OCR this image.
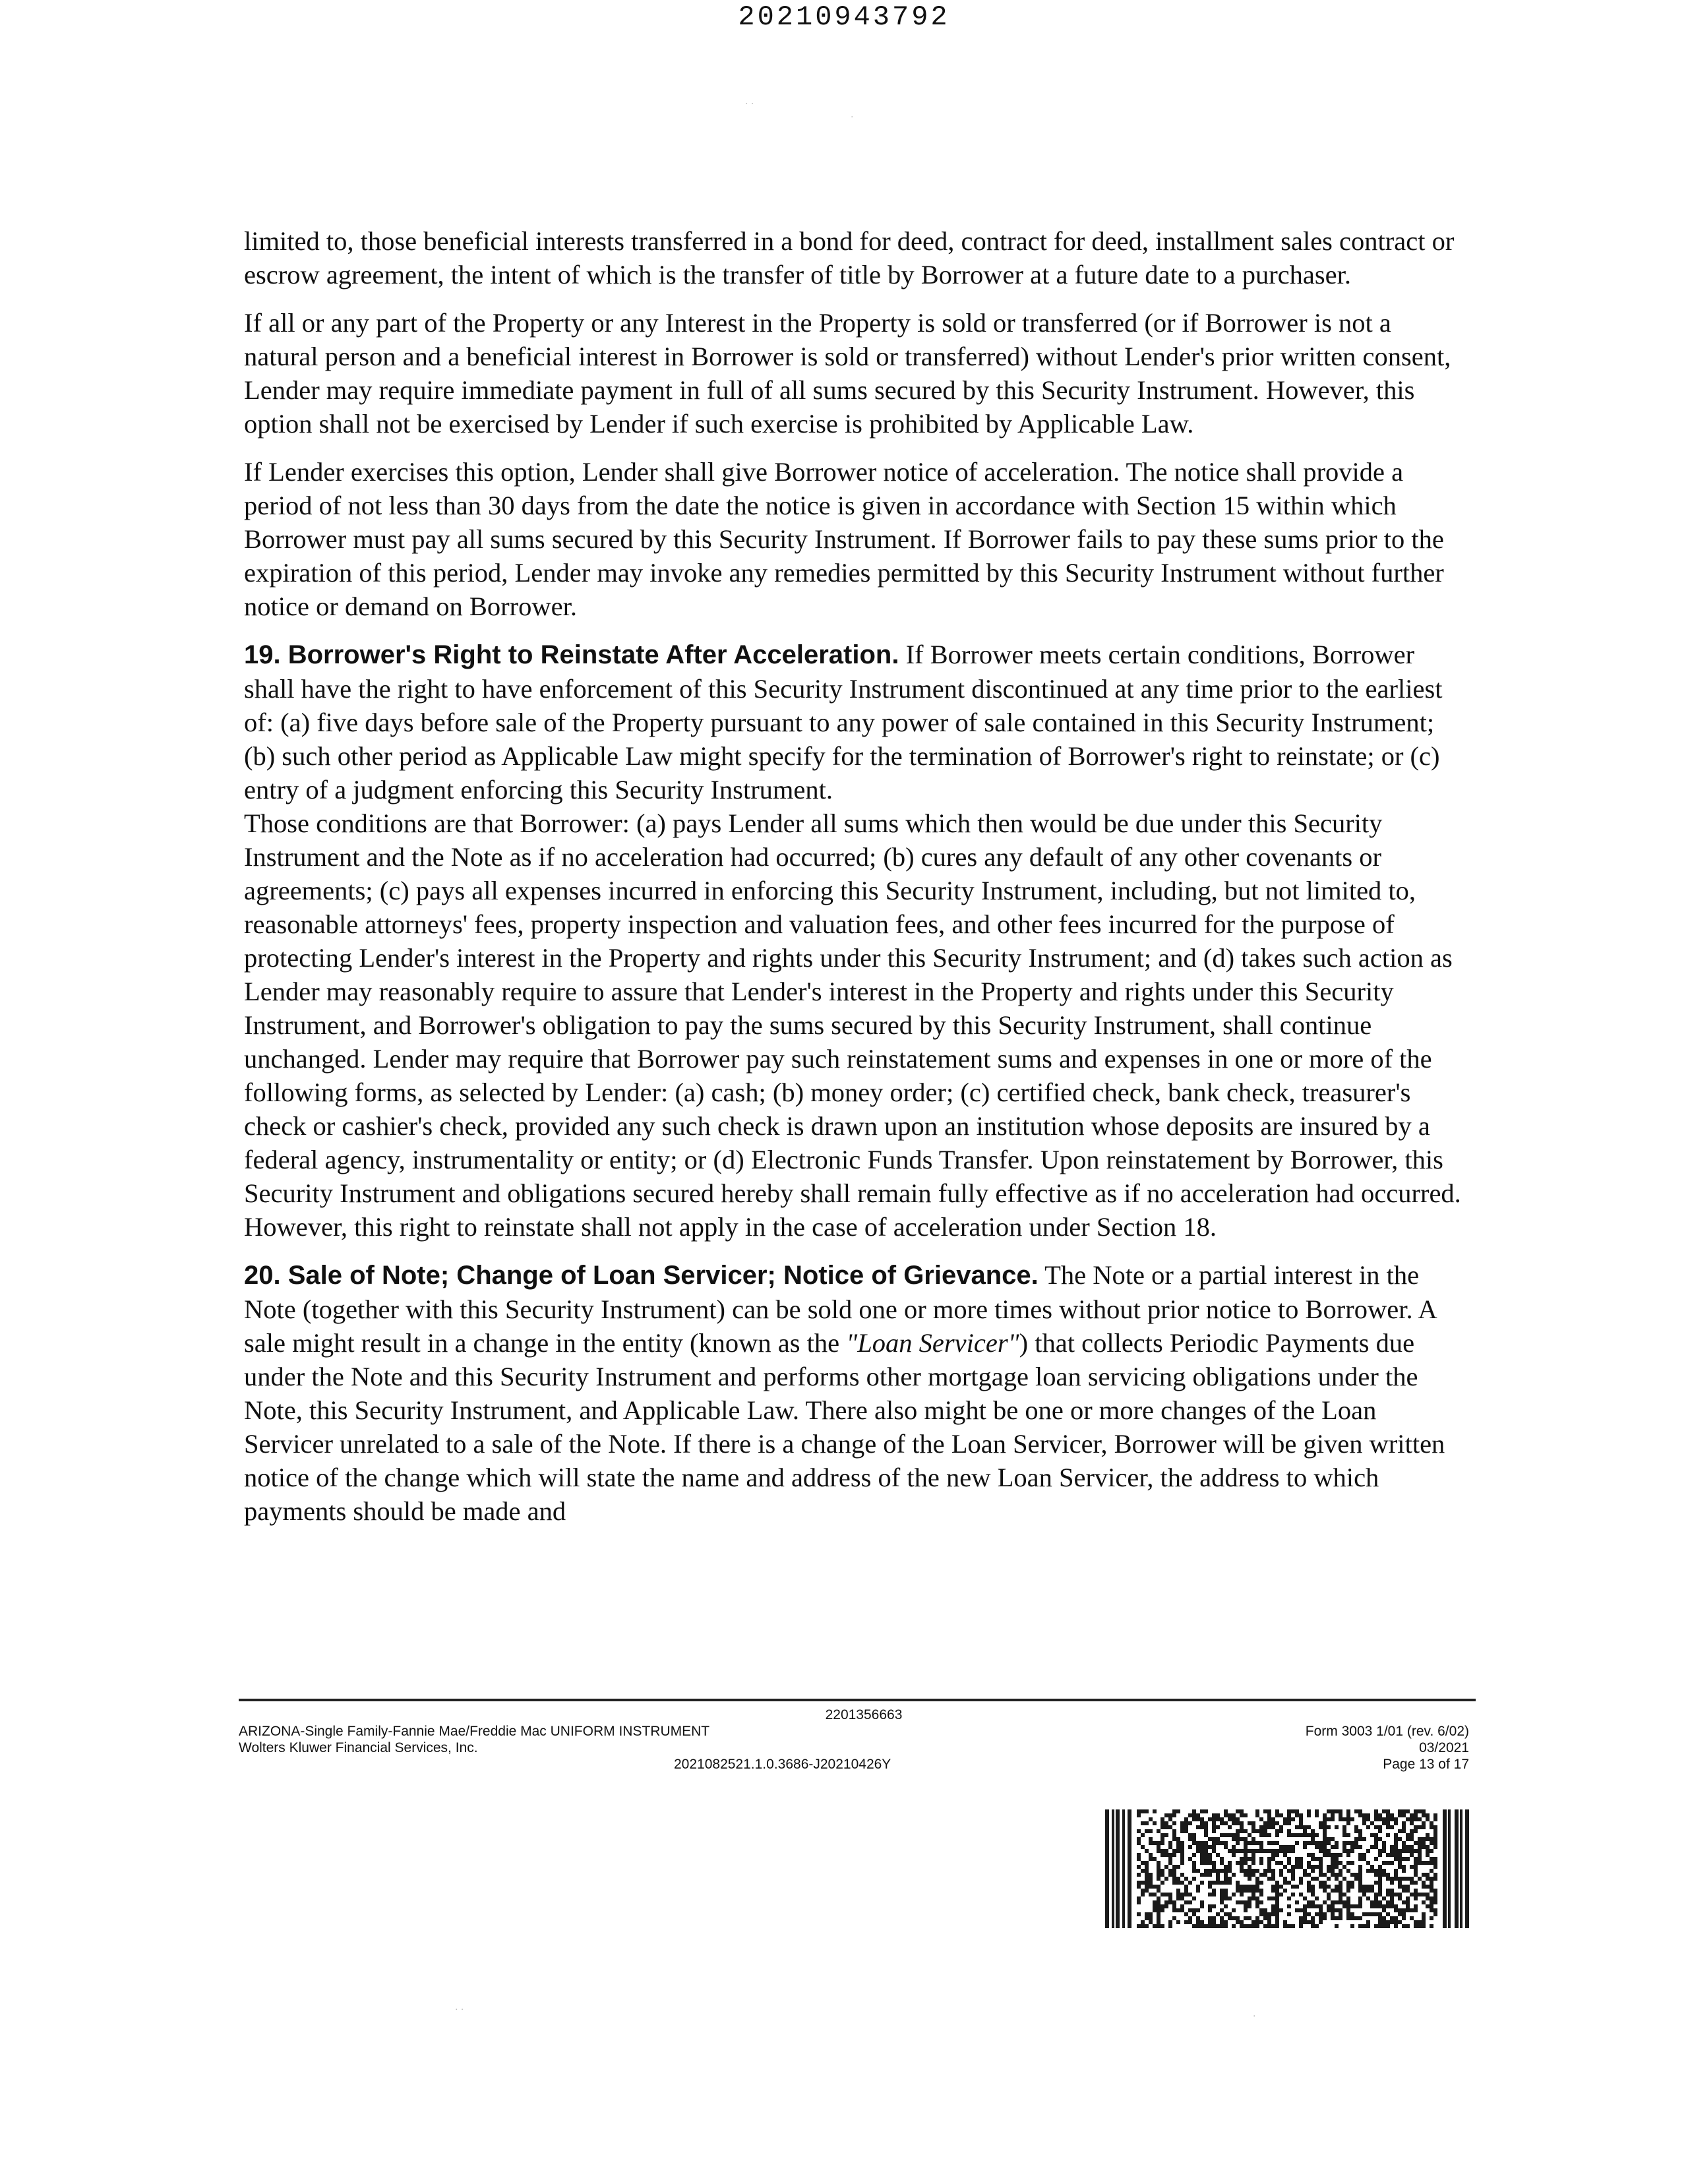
20210943792
· ·
·

limited to, those beneficial interests transferred in a bond for deed, contract for deed, installment sales contract or escrow agreement, the intent of which is the transfer of title by Borrower at a future date to a purchaser.

If all or any part of the Property or any Interest in the Property is sold or transferred (or if Borrower is not a natural person and a beneficial interest in Borrower is sold or transferred) without Lender's prior written consent, Lender may require immediate payment in full of all sums secured by this Security Instrument. However, this option shall not be exercised by Lender if such exercise is prohibited by Applicable Law.

If Lender exercises this option, Lender shall give Borrower notice of acceleration. The notice shall provide a period of not less than 30 days from the date the notice is given in accordance with Section 15 within which Borrower must pay all sums secured by this Security Instrument. If Borrower fails to pay these sums prior to the expiration of this period, Lender may invoke any remedies permitted by this Security Instrument without further notice or demand on Borrower.

19. Borrower's Right to Reinstate After Acceleration. If Borrower meets certain conditions, Borrower shall have the right to have enforcement of this Security Instrument discontinued at any time prior to the earliest of: (a) five days before sale of the Property pursuant to any power of sale contained in this Security Instrument; (b) such other period as Applicable Law might specify for the termination of Borrower's right to reinstate; or (c) entry of a judgment enforcing this Security Instrument.

Those conditions are that Borrower: (a) pays Lender all sums which then would be due under this Security Instrument and the Note as if no acceleration had occurred; (b) cures any default of any other covenants or agreements; (c) pays all expenses incurred in enforcing this Security Instrument, including, but not limited to, reasonable attorneys' fees, property inspection and valuation fees, and other fees incurred for the purpose of protecting Lender's interest in the Property and rights under this Security Instrument; and (d) takes such action as Lender may reasonably require to assure that Lender's interest in the Property and rights under this Security Instrument, and Borrower's obligation to pay the sums secured by this Security Instrument, shall continue unchanged. Lender may require that Borrower pay such reinstatement sums and expenses in one or more of the following forms, as selected by Lender: (a) cash; (b) money order; (c) certified check, bank check, treasurer's check or cashier's check, provided any such check is drawn upon an institution whose deposits are insured by a federal agency, instrumentality or entity; or (d) Electronic Funds Transfer. Upon reinstatement by Borrower, this Security Instrument and obligations secured hereby shall remain fully effective as if no acceleration had occurred. However, this right to reinstate shall not apply in the case of acceleration under Section 18.

20. Sale of Note; Change of Loan Servicer; Notice of Grievance. The Note or a partial interest in the Note (together with this Security Instrument) can be sold one or more times without prior notice to Borrower. A sale might result in a change in the entity (known as the "Loan Servicer") that collects Periodic Payments due under the Note and this Security Instrument and performs other mortgage loan servicing obligations under the Note, this Security Instrument, and Applicable Law. There also might be one or more changes of the Loan Servicer unrelated to a sale of the Note. If there is a change of the Loan Servicer, Borrower will be given written notice of the change which will state the name and address of the new Loan Servicer, the address to which payments should be made and

2201356663
ARIZONA-Single Family-Fannie Mae/Freddie Mac UNIFORM INSTRUMENT
Wolters Kluwer Financial Services, Inc.
2021082521.1.0.3686-J20210426Y
Form 3003 1/01 (rev. 6/02)
03/2021
Page 13 of 17
· ·
·
